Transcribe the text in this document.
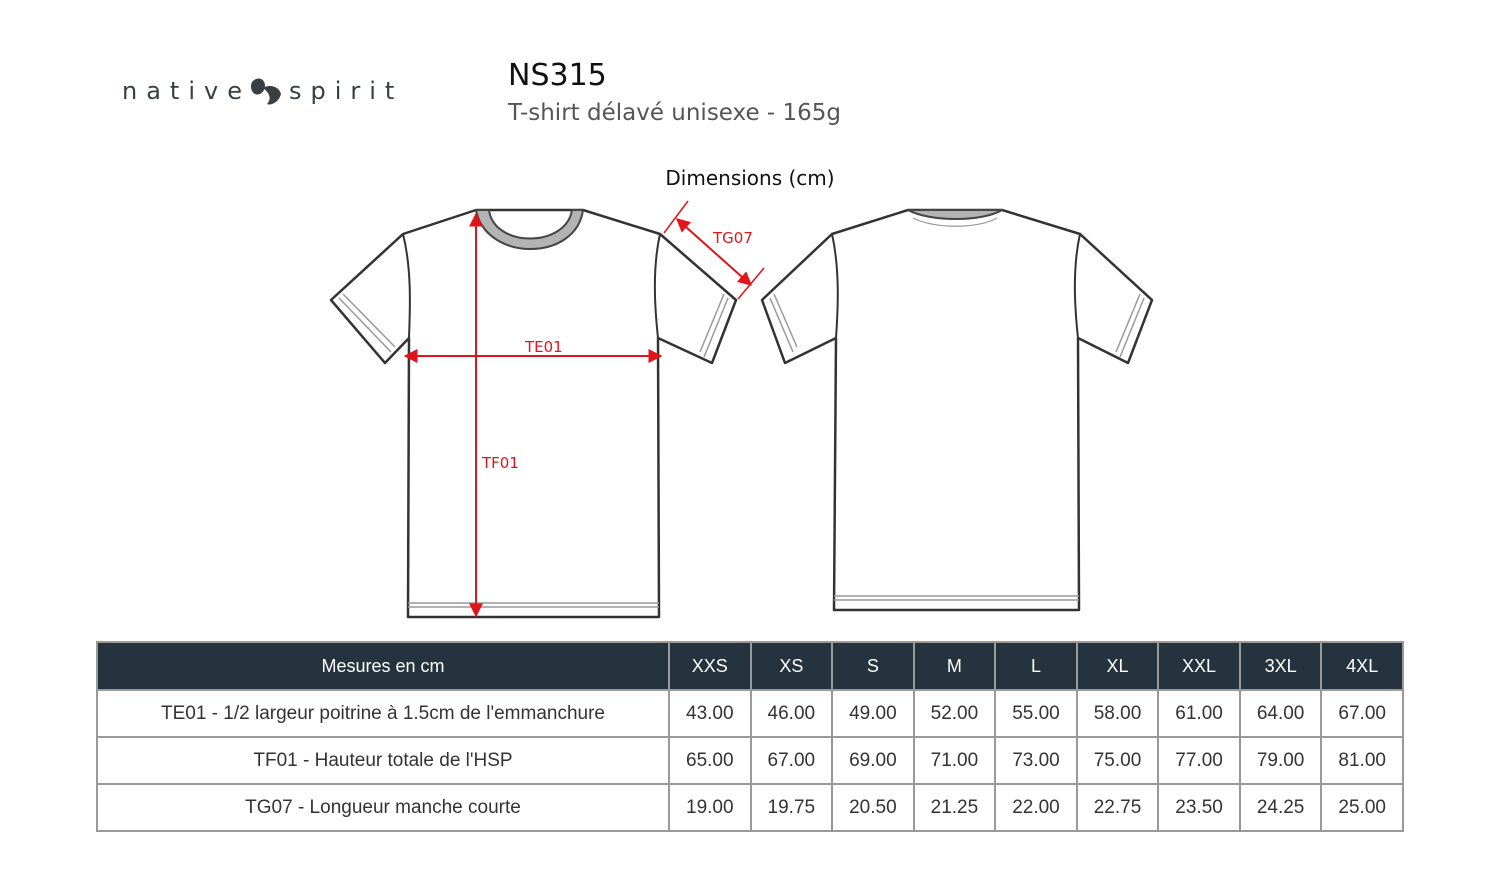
native spirit	NS315
T-shirt délavé unisexe - 165g
Dimensions (cm)
TE01
TF01
TG07
Mesures en cm	XXS	XS	S	M	L	XL	XXL	3XL	4XL
TE01 - 1/2 largeur poitrine à 1.5cm de l'emmanchure	43.00	46.00	49.00	52.00	55.00	58.00	61.00	64.00	67.00
TF01 - Hauteur totale de l'HSP	65.00	67.00	69.00	71.00	73.00	75.00	77.00	79.00	81.00
TG07 - Longueur manche courte	19.00	19.75	20.50	21.25	22.00	22.75	23.50	24.25	25.00
